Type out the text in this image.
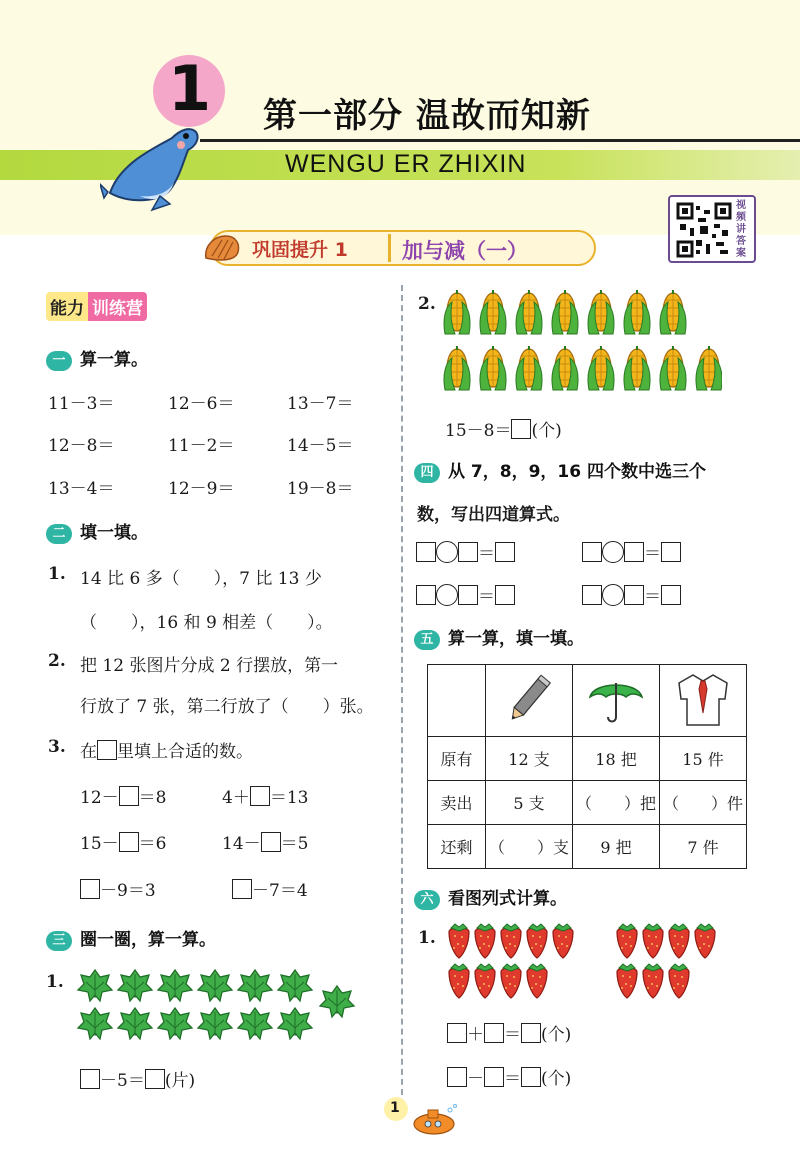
1 第一部分 温故而知新
WENGU ER ZHIXIN
视频讲答案
巩固提升 1	加与减（一）
能力 训练营
一 算一算。
11－3＝	12－6＝	13－7＝
12－8＝	11－2＝	14－5＝
13－4＝	12－9＝	19－8＝
二 填一填。
1. 14 比 6 多（　　），7 比 13 少
（　　），16 和 9 相差（　　）。
2. 把 12 张图片分成 2 行摆放，第一
行放了 7 张，第二行放了（　　）张。
3. 在 里填上合适的数。
12－ ＝8	4＋ ＝13
15－ ＝6	14－ ＝5
－9＝3	－7＝4
三 圈一圈，算一算。
1.
－5＝ (片)
2.
15－8＝ (个)
四 从 7，8，9，16 四个数中选三个
数，写出四道算式。
＝	＝
＝	＝
五 算一算，填一填。

原有	12 支	18 把	15 件
卖出	5 支	（　　）把	（　　）件
还剩	（　　）支	9 把	7 件
六 看图列式计算。
1.
＋ ＝ (个)
－ ＝ (个)
1
